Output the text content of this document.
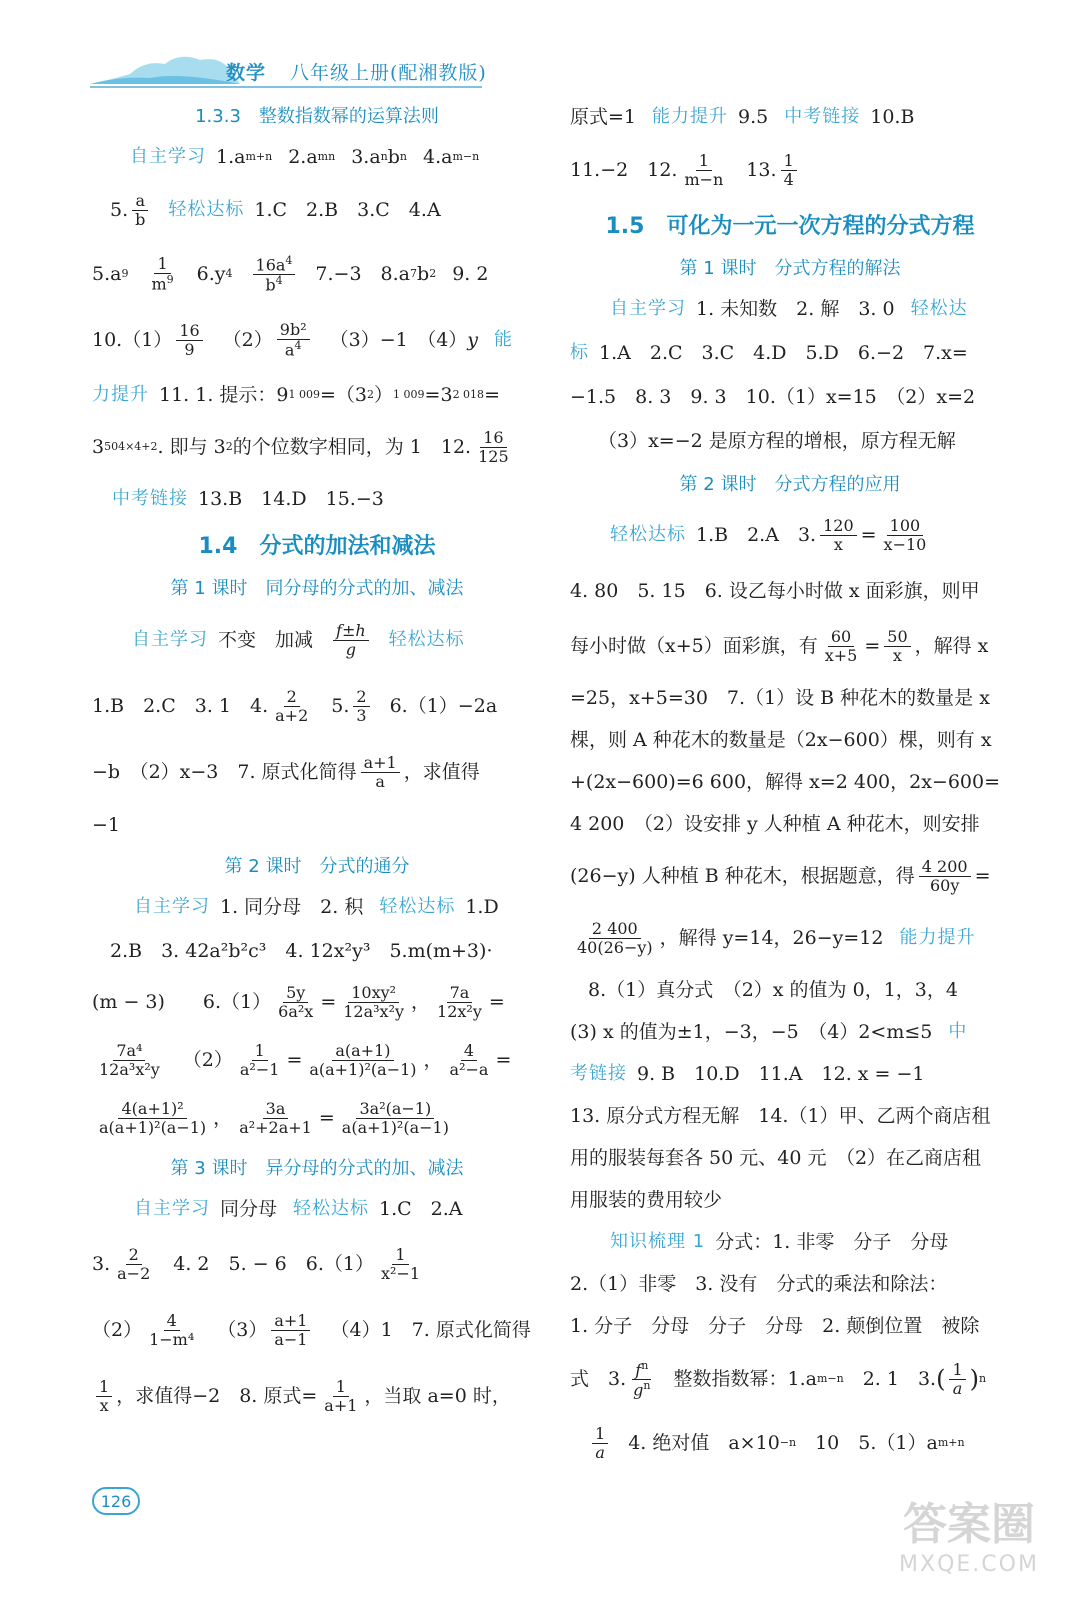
数学 八年级上册(配湘教版)
1.3.3　整数指数幂的运算法则
自主学习 1.a m+n 2.a mn 3.a n b n 4.a m−n
5. $\frac{a}{b}$ 轻松达标 1.C　2.B　3.C　4.A
5.a $9 \frac{1}{m^9} 6.y$ $4 \frac{16a^4}{b^4} 7.-3$　8.a 7 b 2 9. 2
$10.(1) \frac{16}{9} (2) \frac{\text{9b²}}{a^4} (3)-1$　（4） y 能
力提升 11. 1. 提示：9 1 009 =（3 2 ） 1 009 =3 2 018 =
3 504×4+2 . 即与 3 2 的个位数字相同，为 1　12. $\frac{16}{125}$
中考链接 13.B　14.D　15.−3
1.4　分式的加法和减法
第 1 课时　同分母的分式的加、减法
自主学习 不变　加减 $\frac{f\pm h}{g}$ 轻松达标
1.B　2.C　3. 1　4. $\frac{2}{a+2} 5$. $\frac{2}{3} 6.(1)-2a$
−b　（2）x−3　7. 原式化简得 $\frac{a+1}{a}$ ，求值得
−1
第 2 课时　分式的通分
自主学习 1. 同分母　2. 积 轻松达标 1.D
2.B　3. 42a²b²c³　4. 12x²y³　5.m(m+3)·
(m − 3)　　$6.(1) \frac{5y}{\text{6a²x}} = \frac{\text{10xy²}}{\text{12a³x²y}}$ ， $\frac{7a}{\text{12x²y}}$ =
$\frac{\text{7a⁴}}{\text{12a³x²y}} (2) \frac{1}{\text{a²−1}} = \frac{a(a+1)}{\text{a(a+1)²(a−1)}}$ ， $\frac{4}{\text{a²−a}}$ =
$\frac{\text{4(a+1)²}}{\text{a(a+1)²(a−1)}}$ ， $\frac{3a}{\text{a²+2a+1}} = \frac{\text{3a²(a−1)}}{\text{a(a+1)²(a−1)}}$
第 3 课时　异分母的分式的加、减法
自主学习 同分母 轻松达标 1.C　2.A
3. $\frac{2}{a-2} 4$. 2　5. − 6　$6.(1) \frac{1}{\text{x²−1}}$
$(2) \frac{4}{\text{1−m⁴}} (3) \frac{a+1}{a-1} (4)1$　7. 原式化简得
$\frac{1}{x}$ ，求值得−2　8. 原式= $\frac{1}{a+1}$ ，当取 a=0 时，
原式=1 能力提升 9.5 中考链接 10.B
11.−2　12. $\frac{1}{m-n} 13$. $\frac{1}{4}$
1.5　可化为一元一次方程的分式方程
第 1 课时　分式方程的解法
自主学习 1. 未知数　2. 解　3. 0 轻松达
标 1.A　2.C　3.C　4.D　5.D　6.−2　7.x=
−1.5　8. 3　9. 3　10.（1）x=15　（2）x=2
（3）x=−2 是原方程的增根，原方程无解
第 2 课时　分式方程的应用
轻松达标 1.B　2.A　3. $\frac{120}{x} = \frac{100}{x-10}$
4. 80　5. 15　6. 设乙每小时做 x 面彩旗，则甲
每小时做（x+5）面彩旗，有 $\frac{60}{x+5} = \frac{50}{x}$ ，解得 x
=25，x+5=30　7.（1）设 B 种花木的数量是 x
棵，则 A 种花木的数量是（2x−600）棵，则有 x
+(2x−600)=6 600，解得 x=2 400，2x−600=
4 200　（2）设安排 y 人种植 A 种花木，则安排
(26−y) 人种植 B 种花木，根据题意，得 $\frac{4 200}{60y}$ =
$\frac{2 400}{40(26-y)}$ ，解得 y=14，26−y=12 能力提升
8.（1）真分式　（2）x 的值为 0，1，3，4
(3) x 的值为±1，−3，−5　（4）2<m≤5 中
考链接 9. B　10.D　11.A　12. x = −1
13. 原分式方程无解　14.（1）甲、乙两个商店租
用的服装每套各 50 元、40 元　（2）在乙商店租
用服装的费用较少
知识梳理 1 分式：1. 非零　分子　分母
2.（1）非零　3. 没有　分式的乘法和除法：
1. 分子　分母　分子　分母　2. 颠倒位置　被除
式　3. $\frac{f^n}{g^n}$ 整数指数幂：1.a m−n 　2. 1　3. ( $\frac{1}{a}$ ) n
$\frac{1}{a} 4$. 绝对值　a×10 −n 　10　5.（1）a m+n
126	答案圈
MXQE.COM
